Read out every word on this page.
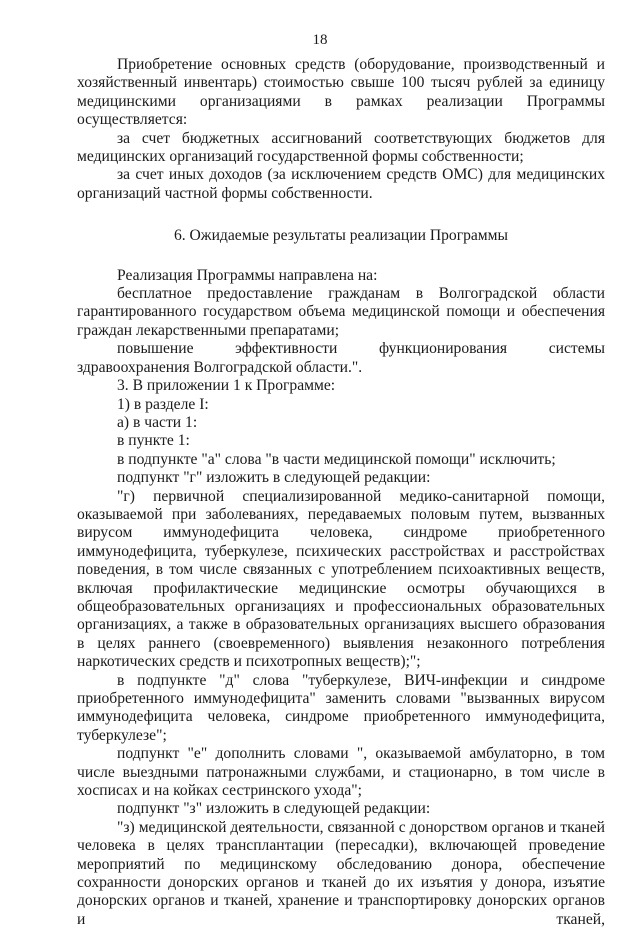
18

Приобретение основных средств (оборудование, производственный и хозяйственный инвентарь) стоимостью свыше 100 тысяч рублей за единицу медицинскими организациями в рамках реализации Программы осуществляется:

за счет бюджетных ассигнований соответствующих бюджетов для медицинских организаций государственной формы собственности;

за счет иных доходов (за исключением средств ОМС) для медицинских организаций частной формы собственности.

6. Ожидаемые результаты реализации Программы

Реализация Программы направлена на:

бесплатное предоставление гражданам в Волгоградской области гарантированного государством объема медицинской помощи и обеспечения граждан лекарственными препаратами;

повышение эффективности функционирования системы здравоохранения Волгоградской области.".

3. В приложении 1 к Программе:

1) в разделе I:

а) в части 1:

в пункте 1:

в подпункте "а" слова "в части медицинской помощи" исключить;

подпункт "г" изложить в следующей редакции:

"г) первичной специализированной медико-санитарной помощи, оказываемой при заболеваниях, передаваемых половым путем, вызванных вирусом иммунодефицита человека, синдроме приобретенного иммунодефицита, туберкулезе, психических расстройствах и расстройствах поведения, в том числе связанных с употреблением психоактивных веществ, включая профилактические медицинские осмотры обучающихся в общеобразовательных организациях и профессиональных образовательных организациях, а также в образовательных организациях высшего образования в целях раннего (своевременного) выявления незаконного потребления наркотических средств и психотропных веществ);";

в подпункте "д" слова "туберкулезе, ВИЧ-инфекции и синдроме приобретенного иммунодефицита" заменить словами "вызванных вирусом иммунодефицита человека, синдроме приобретенного иммунодефицита, туберкулезе";

подпункт "е" дополнить словами ", оказываемой амбулаторно, в том числе выездными патронажными службами, и стационарно, в том числе в хосписах и на койках сестринского ухода";

подпункт "з" изложить в следующей редакции:

"з) медицинской деятельности, связанной с донорством органов и тканей человека в целях трансплантации (пересадки), включающей проведение мероприятий по медицинскому обследованию донора, обеспечение сохранности донорских органов и тканей до их изъятия у донора, изъятие донорских органов и тканей, хранение и транспортировку донорских органов и тканей,
